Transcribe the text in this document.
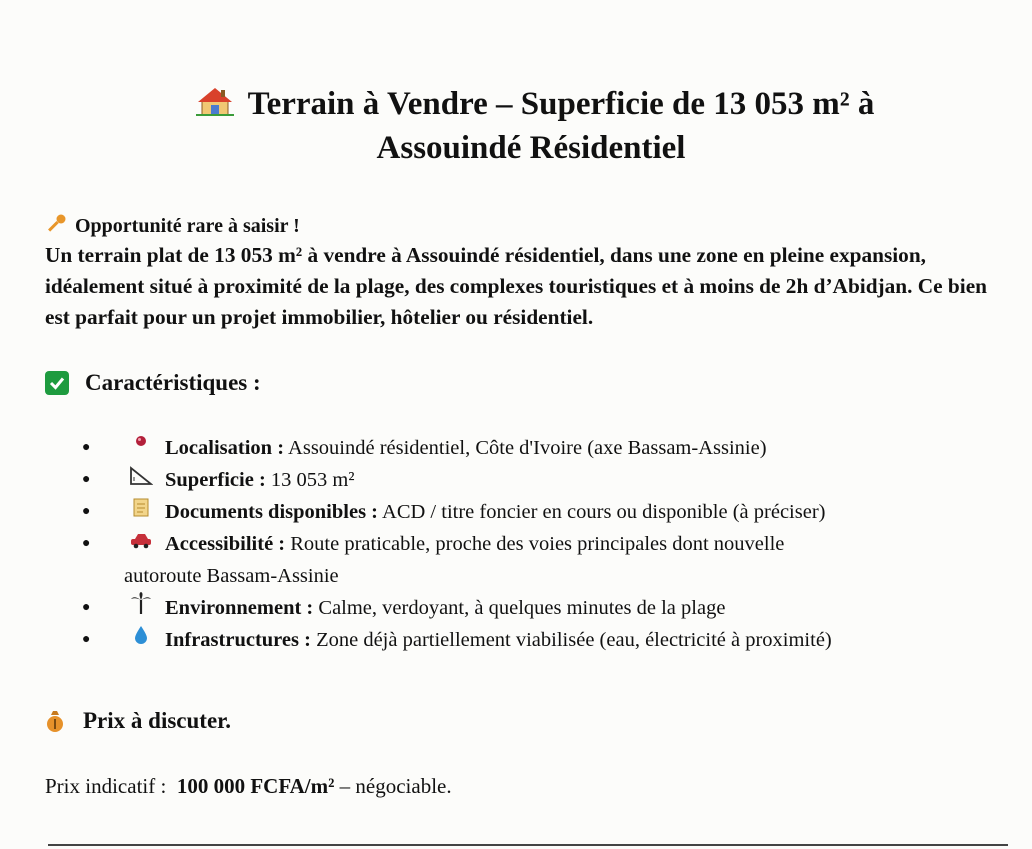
Terrain à Vendre – Superficie de 13 053 m² à
Assouindé Résidentiel
Opportunité rare à saisir !
Un terrain plat de 13 053 m² à vendre à Assouindé résidentiel, dans une zone en pleine expansion, idéalement situé à proximité de la plage, des complexes touristiques et à moins de 2h d’Abidjan. Ce bien est parfait pour un projet immobilier, hôtelier ou résidentiel.
Caractéristiques :
●	Localisation : Assouindé résidentiel, Côte d'Ivoire (axe Bassam-Assinie)
●	Superficie : 13 053 m²
●	Documents disponibles : ACD / titre foncier en cours ou disponible (à préciser)
●	Accessibilité : Route praticable, proche des voies principales dont nouvelle
autoroute Bassam-Assinie
●	Environnement : Calme, verdoyant, à quelques minutes de la plage
●	Infrastructures : Zone déjà partiellement viabilisée (eau, électricité à proximité)
Prix à discuter.
Prix indicatif : 100 000 FCFA/m² – négociable.
